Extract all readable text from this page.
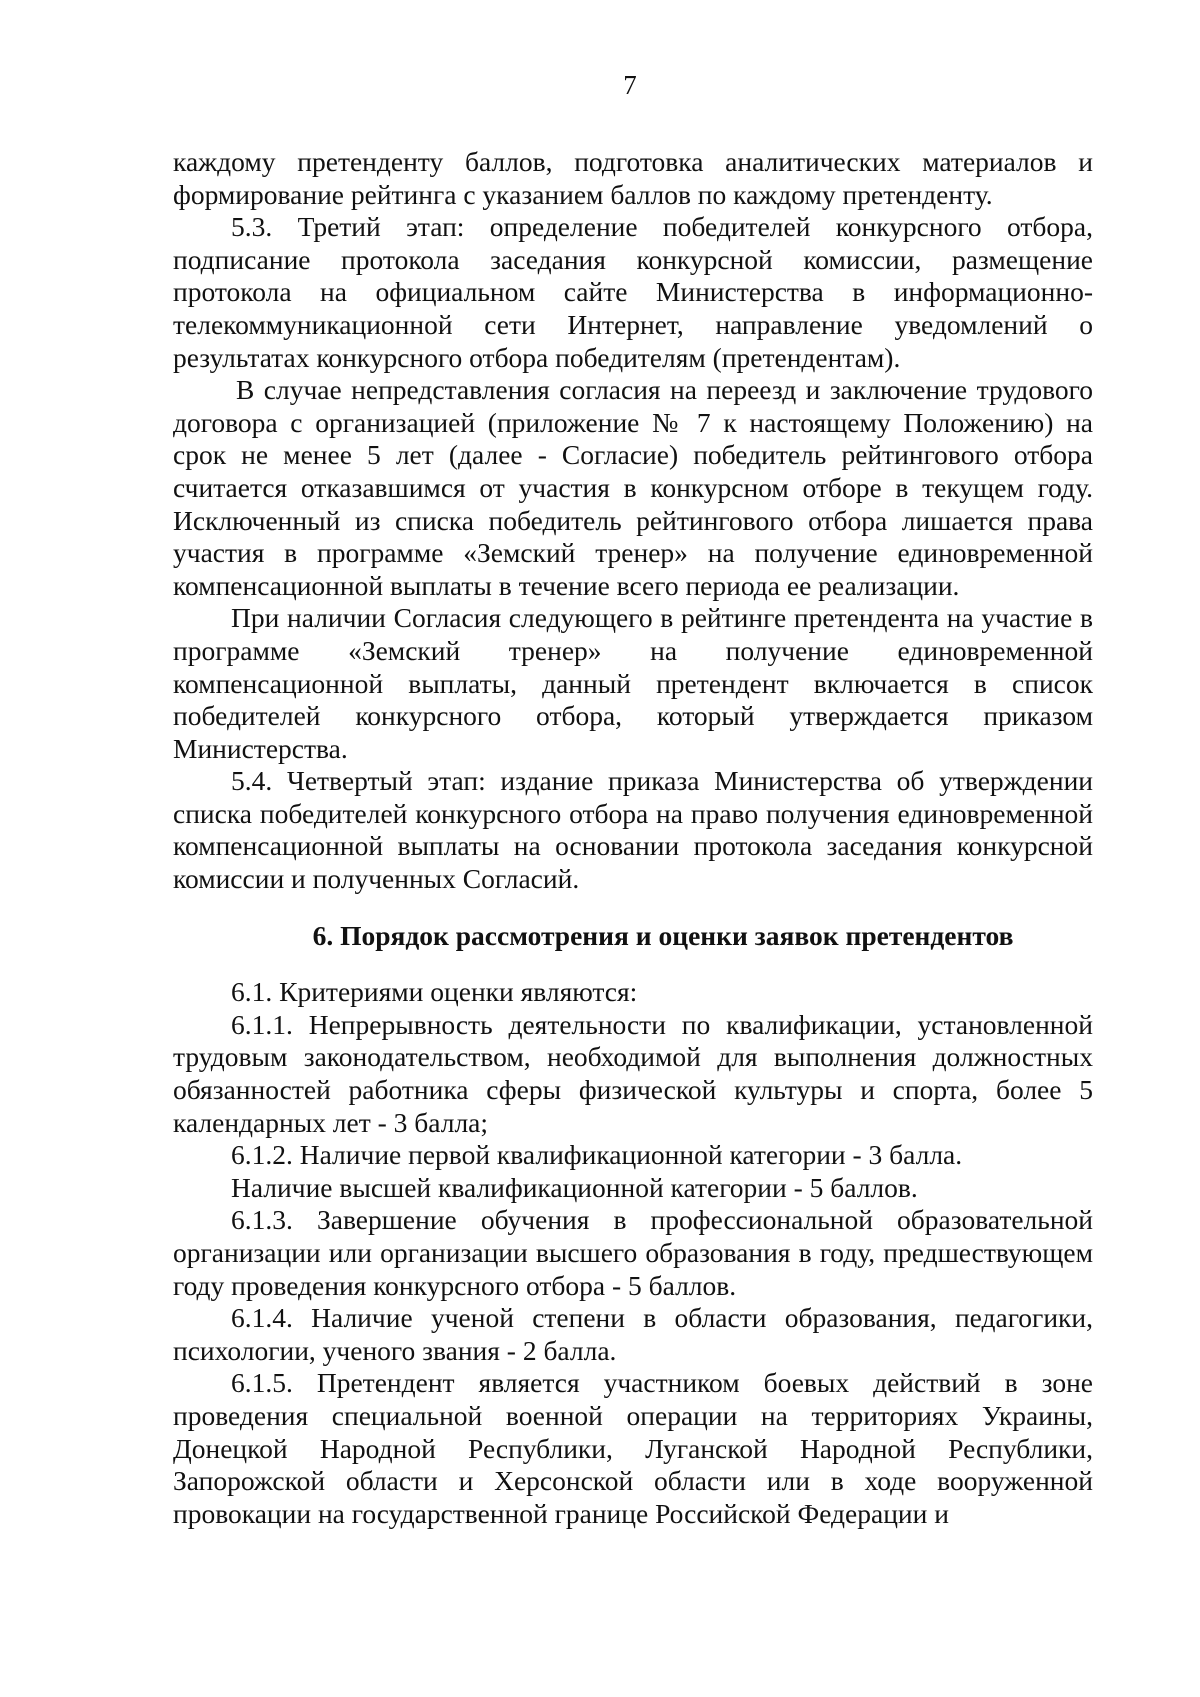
7

каждому претенденту баллов, подготовка аналитических материалов и формирование рейтинга с указанием баллов по каждому претенденту.

5.3. Третий этап: определение победителей конкурсного отбора, подписание протокола заседания конкурсной комиссии, размещение протокола на официальном сайте Министерства в информационно-телекоммуникационной сети Интернет, направление уведомлений о результатах конкурсного отбора победителям (претендентам).

В случае непредставления согласия на переезд и заключение трудового договора с организацией (приложение № 7 к настоящему Положению) на срок не менее 5 лет (далее - Согласие) победитель рейтингового отбора считается отказавшимся от участия в конкурсном отборе в текущем году. Исключенный из списка победитель рейтингового отбора лишается права участия в программе «Земский тренер» на получение единовременной компенсационной выплаты в течение всего периода ее реализации.

При наличии Согласия следующего в рейтинге претендента на участие в программе «Земский тренер» на получение единовременной компенсационной выплаты, данный претендент включается в список победителей конкурсного отбора, который утверждается приказом Министерства.

5.4. Четвертый этап: издание приказа Министерства об утверждении списка победителей конкурсного отбора на право получения единовременной компенсационной выплаты на основании протокола заседания конкурсной комиссии и полученных Согласий.

6. Порядок рассмотрения и оценки заявок претендентов

6.1. Критериями оценки являются:

6.1.1. Непрерывность деятельности по квалификации, установленной трудовым законодательством, необходимой для выполнения должностных обязанностей работника сферы физической культуры и спорта, более 5 календарных лет - 3 балла;

6.1.2. Наличие первой квалификационной категории - 3 балла.

Наличие высшей квалификационной категории - 5 баллов.

6.1.3. Завершение обучения в профессиональной образовательной организации или организации высшего образования в году, предшествующем году проведения конкурсного отбора - 5 баллов.

6.1.4. Наличие ученой степени в области образования, педагогики, психологии, ученого звания - 2 балла.

6.1.5. Претендент является участником боевых действий в зоне проведения специальной военной операции на территориях Украины, Донецкой Народной Республики, Луганской Народной Республики, Запорожской области и Херсонской области или в ходе вооруженной провокации на государственной границе Российской Федерации и
